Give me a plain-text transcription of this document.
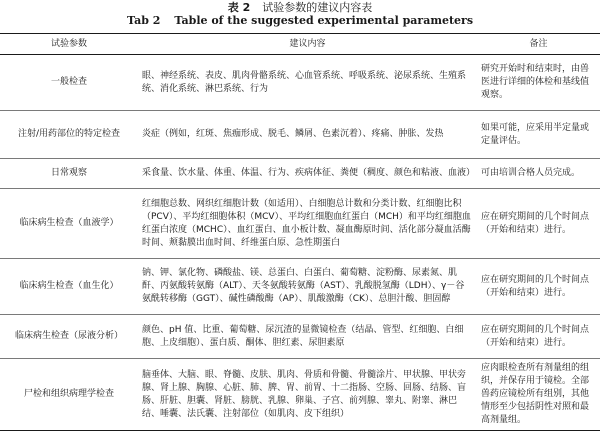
表 2 试验参数的建议内容表
Tab 2 Table of the suggested experimental parameters
试验参数	建议内容	备注
一般检查	眼、神经系统、表皮、肌肉骨骼系统、心血管系统、呼吸系统、泌尿系统、生殖系统、消化系统、淋巴系统、行为	研究开始时和结束时，由兽医进行详细的体检和基线值观察。
注射/用药部位的特定检查	炎症（例如，红斑、焦痂形成、脱毛、鳞屑、色素沉着）、疼痛、肿胀、发热	如果可能，应采用半定量或定量评估。
日常观察	采食量、饮水量、体重、体温、行为、疾病体征、粪便（稠度、颜色和粘液、血液）	可由培训合格人员完成。
临床病生检查（血液学）	红细胞总数、网织红细胞计数（如适用）、白细胞总计数和分类计数、红细胞比积（PCV）、平均红细胞体积（MCV）、平均红细胞血红蛋白（MCH）和平均红细胞血红蛋白浓度（MCHC）、血红蛋白、血小板计数、凝血酶原时间、活化部分凝血活酶时间、颊黏膜出血时间、纤维蛋白原、急性期蛋白	应在研究期间的几个时间点（开始和结束）进行。
临床病生检查（血生化）	钠、钾、氯化物、磷酸盐、镁、总蛋白、白蛋白、葡萄糖、淀粉酶、尿素氮、肌酐、丙氨酸转氨酶（ALT）、天冬氨酸转氨酶（AST）、乳酸脱氢酶（LDH）、γ－谷氨酰转移酶（GGT）、碱性磷酸酶（AP）、肌酸激酶（CK）、总胆汁酸、胆固醇	应在研究期间的几个时间点（开始和结束）进行。
临床病生检查（尿液分析）	颜色、pH 值、比重、葡萄糖、尿沉渣的显微镜检查（结晶、管型、红细胞、白细胞、上皮细胞）、蛋白质、酮体、胆红素、尿胆素原	应在研究期间的几个时间点（开始和结束）进行。
尸检和组织病理学检查	脑垂体、大脑、眼、脊髓、皮肤、肌肉、骨质和骨髓、骨髓涂片、甲状腺、甲状旁腺、肾上腺、胸腺、心脏、肺、脾、胃、前胃、十二指肠、空肠、回肠、结肠、盲肠、肝脏、胆囊、肾脏、膀胱、乳腺、卵巢、子宫、前列腺、睾丸、附睾、淋巴结、唾囊、法氏囊、注射部位（如肌肉、皮下组织）	应肉眼检查所有剂量组的组织，并保存用于镜检。全部兽药应镜检所有组别，其他情形至少包括阴性对照和最高剂量组。
